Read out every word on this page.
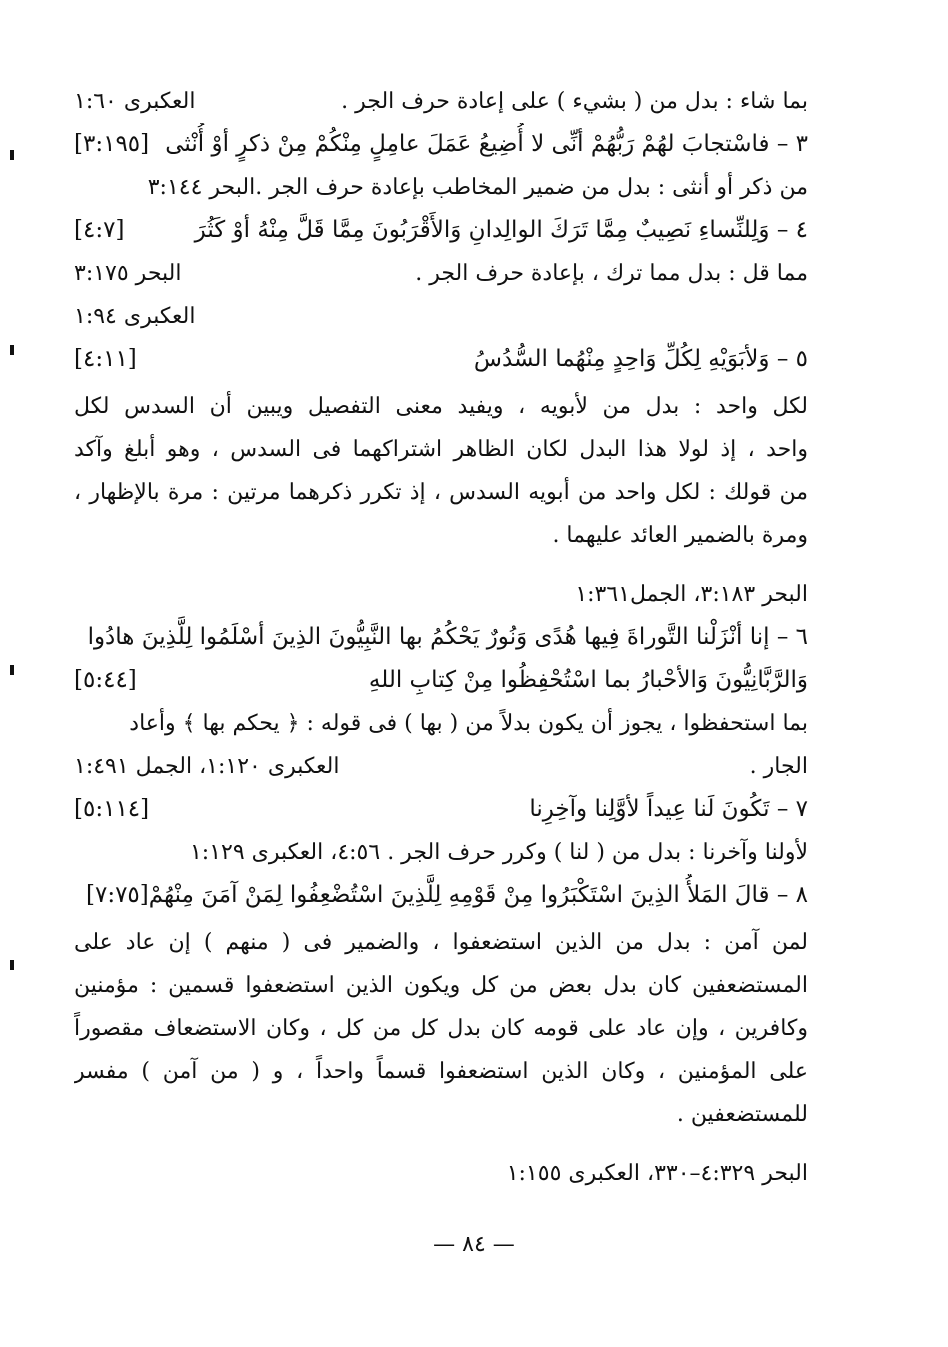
بما شاء : بدل من ( بشيء ) على إعادة حرف الجر .
العكبرى ١:٦٠
٣ – فاسْتجابَ لهُمْ رَبُّهُمْ أنِّى لا أُضِيعُ عَمَلَ عامِلٍ مِنْكُمْ مِنْ ذكرٍ أوْ أُنْثى
[٣:١٩٥]
من ذكر أو أنثى : بدل من ضمير المخاطب بإعادة حرف الجر .البحر ٣:١٤٤
٤ – وَلِلنِّساءِ نَصِيبٌ مِمَّا تَرَكَ الوالِدانِ وَالأَقْرَبُونَ مِمَّا قَلَّ مِنْهُ أوْ كَثُرَ
[٤:٧]
مما قل : بدل مما ترك ، بإعادة حرف الجر .
البحر ٣:١٧٥
العكبرى ١:٩٤
٥ – وَلأبَوَيْهِ لِكُلِّ وَاحِدٍ مِنْهُما السُّدُسُ
[٤:١١]
لكل واحد : بدل من لأبويه ، ويفيد معنى التفصيل ويبين أن السدس لكل
واحد ، إذ لولا هذا البدل لكان الظاهر اشتراكهما فى السدس ، وهو أبلغ وآكد
من قولك : لكل واحد من أبويه السدس ، إذ تكرر ذكرهما مرتين : مرة بالإظهار ،
ومرة بالضمير العائد عليهما .
البحر ٣:١٨٣، الجمل١:٣٦١
٦ – إنا أنْزَلْنا التَّوراةَ فِيها هُدًى وَنُورٌ يَحْكُمُ بها النَّبِيُّونَ الذِينَ أسْلَمُوا لِلَّذِينَ هادُوا
وَالرَّبَّانِيُّونَ وَالأحْبارُ بما اسْتُحْفِظُوا مِنْ كِتابِ اللهِ
[٥:٤٤]
بما استحفظوا ، يجوز أن يكون بدلاً من ( بها ) فى قوله : ﴿ يحكم بها ﴾ وأعاد
الجار .
العكبرى ١:١٢٠، الجمل ١:٤٩١
٧ – تَكُونَ لَنا عِيداً لأوَّلِنا وآخِرِنا
[٥:١١٤]
لأولنا وآخرنا : بدل من ( لنا ) وكرر حرف الجر . ٤:٥٦، العكبرى ١:١٢٩
٨ – قالَ المَلأُ الذِينَ اسْتَكْبَرُوا مِنْ قَوْمِهِ لِلَّذِينَ اسْتُضْعِفُوا لِمَنْ آمَنَ مِنْهُمْ[٧:٧٥]
لمن آمن : بدل من الذين استضعفوا ، والضمير فى ( منهم ) إن عاد على
المستضعفين كان بدل بعض من كل ويكون الذين استضعفوا قسمين : مؤمنين
وكافرين ، وإن عاد على قومه كان بدل كل من كل ، وكان الاستضعاف مقصوراً
على المؤمنين ، وكان الذين استضعفوا قسماً واحداً ، و ( من آمن ) مفسر
للمستضعفين .
البحر ٤:٣٢٩–٣٣٠، العكبرى ١:١٥٥
— ٨٤ —
